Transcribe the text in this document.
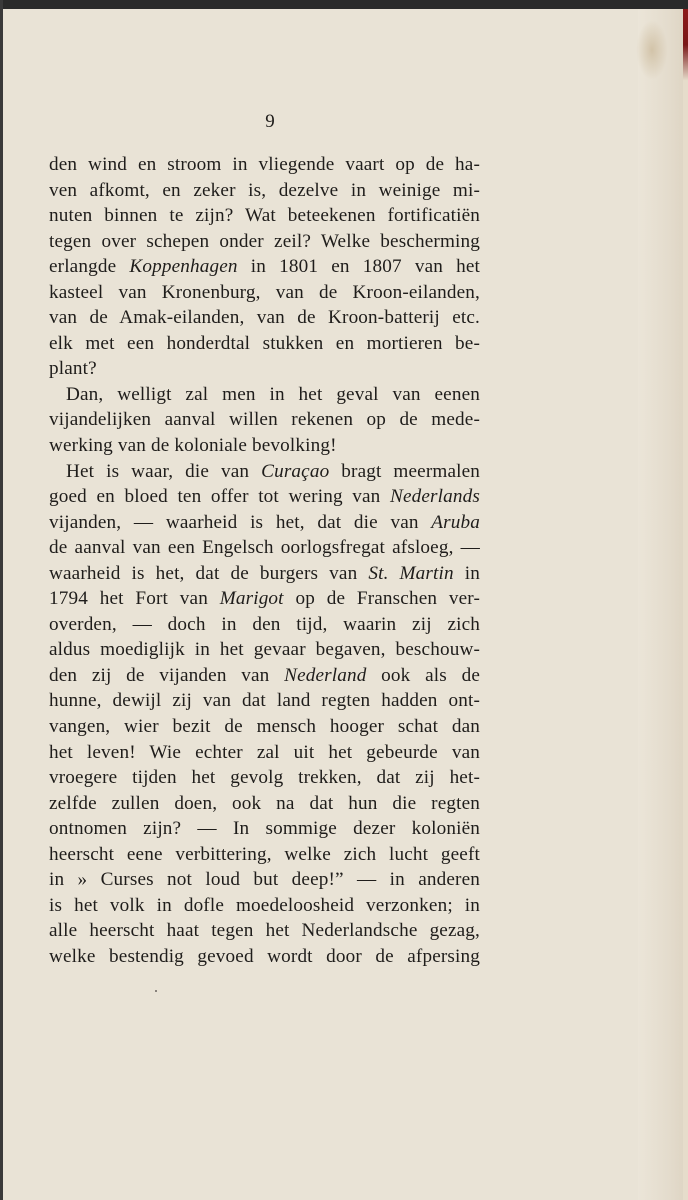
9
den wind en stroom in vliegende vaart op de ha-
ven afkomt, en zeker is, dezelve in weinige mi-
nuten binnen te zijn? Wat beteekenen fortificatiën
tegen over schepen onder zeil? Welke bescherming
erlangde Koppenhagen in 1801 en 1807 van het
kasteel van Kronenburg, van de Kroon-eilanden,
van de Amak-eilanden, van de Kroon-batterij etc.
elk met een honderdtal stukken en mortieren be-
plant?
Dan, welligt zal men in het geval van eenen
vijandelijken aanval willen rekenen op de mede-
werking van de koloniale bevolking!
Het is waar, die van Curaçao bragt meermalen
goed en bloed ten offer tot wering van Nederlands
vijanden, — waarheid is het, dat die van Aruba
de aanval van een Engelsch oorlogsfregat afsloeg, —
waarheid is het, dat de burgers van St. Martin in
1794 het Fort van Marigot op de Franschen ver-
overden, — doch in den tijd, waarin zij zich
aldus moediglijk in het gevaar begaven, beschouw-
den zij de vijanden van Nederland ook als de
hunne, dewijl zij van dat land regten hadden ont-
vangen, wier bezit de mensch hooger schat dan
het leven! Wie echter zal uit het gebeurde van
vroegere tijden het gevolg trekken, dat zij het-
zelfde zullen doen, ook na dat hun die regten
ontnomen zijn? — In sommige dezer koloniën
heerscht eene verbittering, welke zich lucht geeft
in » Curses not loud but deep!” — in anderen
is het volk in dofle moedeloosheid verzonken; in
alle heerscht haat tegen het Nederlandsche gezag,
welke bestendig gevoed wordt door de afpersing
